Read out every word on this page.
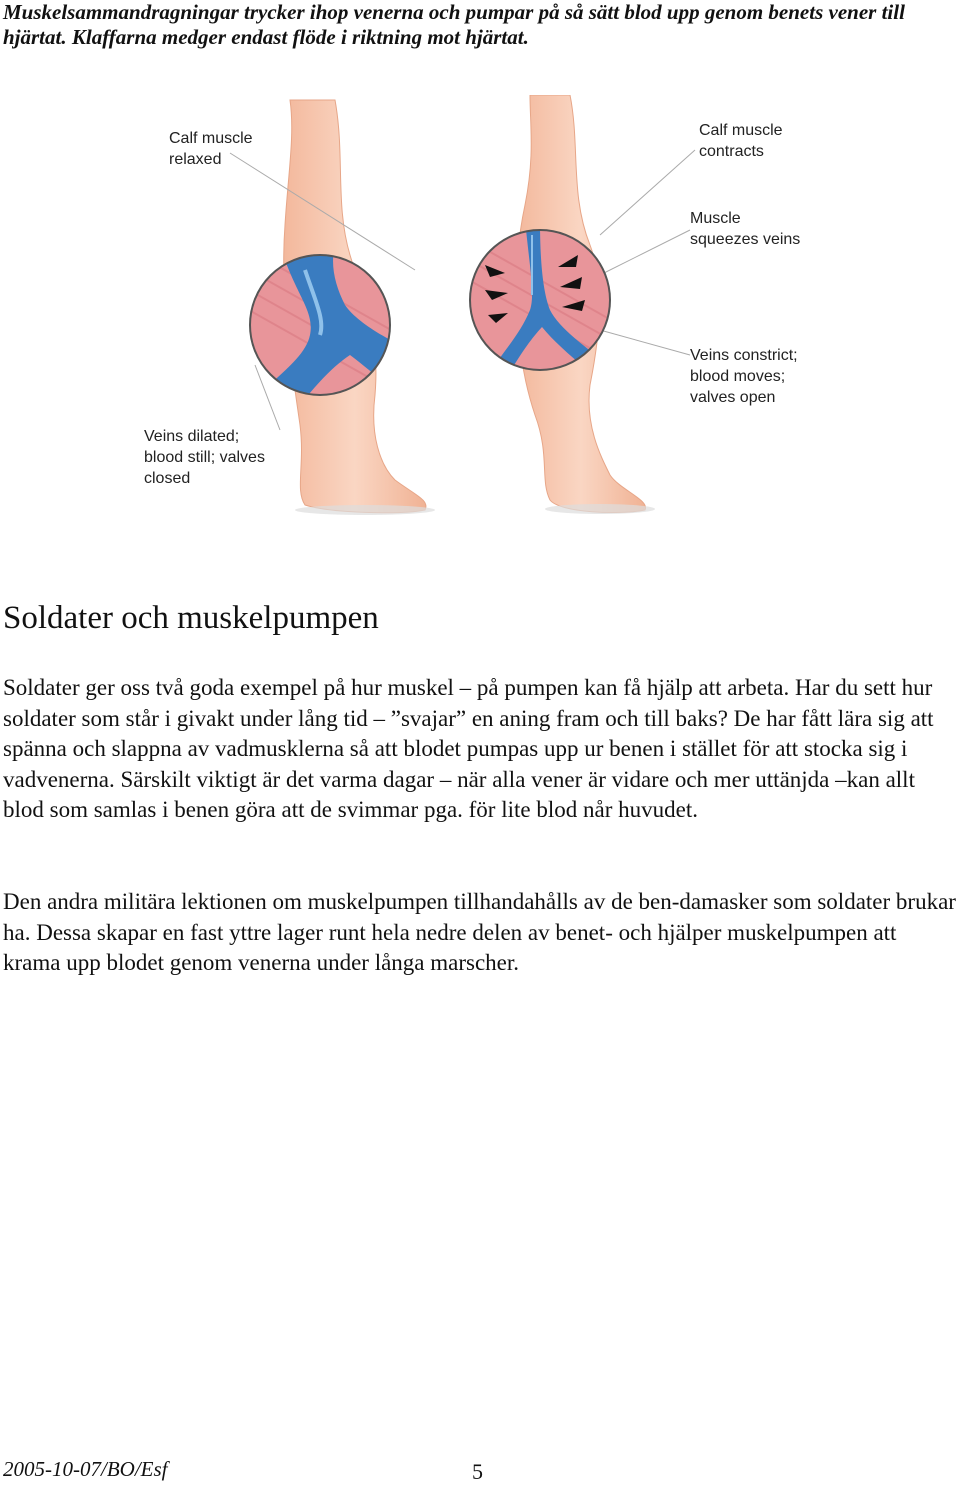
Muskelsammandragningar trycker ihop venerna och pumpar på så sätt blod upp genom benets vener till hjärtat. Klaffarna medger endast flöde i riktning mot hjärtat.
Calf muscle
relaxed
Calf muscle
contracts
Muscle
squeezes veins
Veins constrict;
blood moves;
valves open
Veins dilated;
blood still; valves
closed
Soldater och muskelpumpen

Soldater ger oss två goda exempel på hur muskel – på pumpen kan få hjälp att arbeta. Har du sett hur soldater som står i givakt under lång tid – ”svajar” en aning fram och till baks? De har fått lära sig att spänna och slappna av vadmusklerna så att blodet pumpas upp ur benen i stället för att stocka sig i vadvenerna. Särskilt viktigt är det varma dagar – när alla vener är vidare och mer uttänjda –kan allt blod som samlas i benen göra att de svimmar pga. för lite blod når huvudet.

Den andra militära lektionen om muskelpumpen tillhandahålls av de ben-damasker som soldater brukar ha. Dessa skapar en fast yttre lager runt hela nedre delen av benet- och hjälper muskelpumpen att krama upp blodet genom venerna under långa marscher.

2005-10-07/BO/Esf	5
